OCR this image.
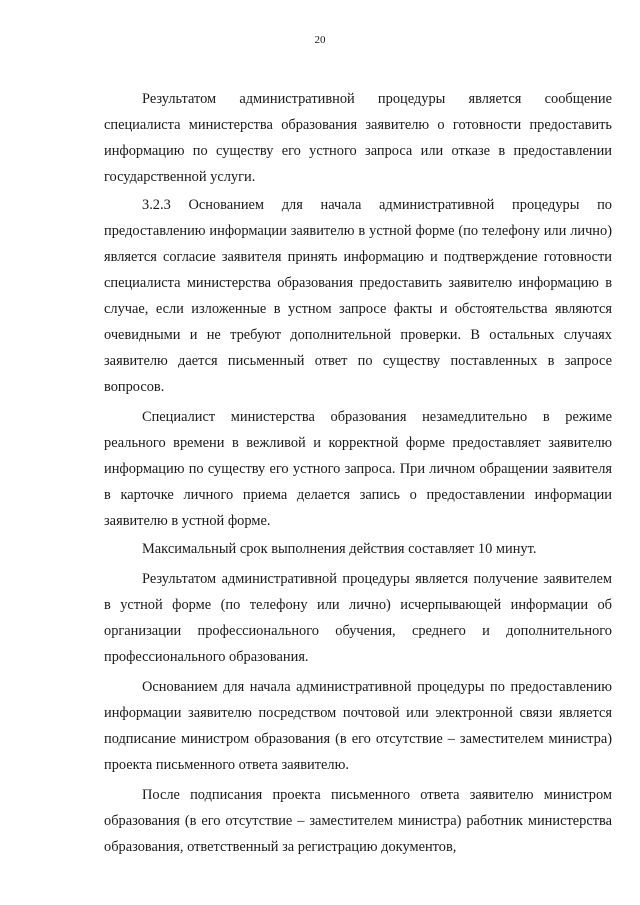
20

Результатом административной процедуры является сообщение специалиста министерства образования заявителю о готовности предоставить информацию по существу его устного запроса или отказе в предоставлении государственной услуги.

3.2.3 Основанием для начала административной процедуры по предоставлению информации заявителю в устной форме (по телефону или лично) является согласие заявителя принять информацию и подтверждение готовности специалиста министерства образования предоставить заявителю информацию в случае, если изложенные в устном запросе факты и обстоятельства являются очевидными и не требуют дополнительной проверки. В остальных случаях заявителю дается письменный ответ по существу поставленных в запросе вопросов.

Специалист министерства образования незамедлительно в режиме реального времени в вежливой и корректной форме предоставляет заявителю информацию по существу его устного запроса. При личном обращении заявителя в карточке личного приема делается запись о предоставлении информации заявителю в устной форме.

Максимальный срок выполнения действия составляет 10 минут.

Результатом административной процедуры является получение заявителем в устной форме (по телефону или лично) исчерпывающей информации об организации профессионального обучения, среднего и дополнительного профессионального образования.

Основанием для начала административной процедуры по предоставлению информации заявителю посредством почтовой или электронной связи является подписание министром образования (в его отсутствие – заместителем министра) проекта письменного ответа заявителю.

После подписания проекта письменного ответа заявителю министром образования (в его отсутствие – заместителем министра) работник министерства образования, ответственный за регистрацию документов,
